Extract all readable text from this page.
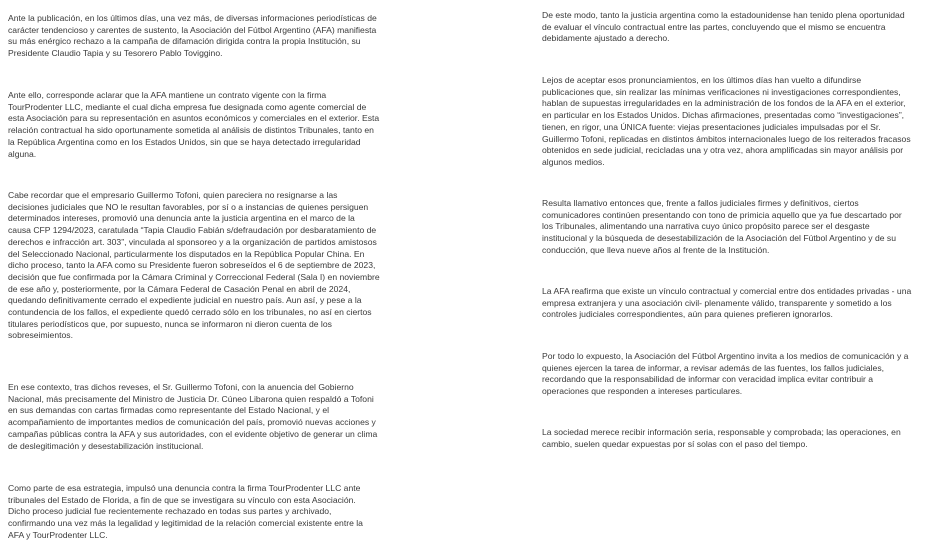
Ante la publicación, en los últimos días, una vez más, de diversas informaciones periodísticas de carácter tendencioso y carentes de sustento, la Asociación del Fútbol Argentino (AFA) manifiesta su más enérgico rechazo a la campaña de difamación dirigida contra la propia Institución, su Presidente Claudio Tapia y su Tesorero Pablo Toviggino.

Ante ello, corresponde aclarar que la AFA mantiene un contrato vigente con la firma TourProdenter LLC, mediante el cual dicha empresa fue designada como agente comercial de esta Asociación para su representación en asuntos económicos y comerciales en el exterior. Esta relación contractual ha sido oportunamente sometida al análisis de distintos Tribunales, tanto en la República Argentina como en los Estados Unidos, sin que se haya detectado irregularidad alguna.

Cabe recordar que el empresario Guillermo Tofoni, quien pareciera no resignarse a las decisiones judiciales que NO le resultan favorables, por sí o a instancias de quienes persiguen determinados intereses, promovió una denuncia ante la justicia argentina en el marco de la causa CFP 1294/2023, caratulada “Tapia Claudio Fabián s/defraudación por desbaratamiento de derechos e infracción art. 303”, vinculada al sponsoreo y a la organización de partidos amistosos del Seleccionado Nacional, particularmente los disputados en la República Popular China. En dicho proceso, tanto la AFA como su Presidente fueron sobreseídos el 6 de septiembre de 2023, decisión que fue confirmada por la Cámara Criminal y Correccional Federal (Sala I) en noviembre de ese año y, posteriormente, por la Cámara Federal de Casación Penal en abril de 2024, quedando definitivamente cerrado el expediente judicial en nuestro país. Aun así, y pese a la contundencia de los fallos, el expediente quedó cerrado sólo en los tribunales, no así en ciertos titulares periodísticos que, por supuesto, nunca se informaron ni dieron cuenta de los sobreseimientos.

En ese contexto, tras dichos reveses, el Sr. Guillermo Tofoni, con la anuencia del Gobierno Nacional, más precisamente del Ministro de Justicia Dr. Cúneo Libarona quien respaldó a Tofoni en sus demandas con cartas firmadas como representante del Estado Nacional, y el acompañamiento de importantes medios de comunicación del país, promovió nuevas acciones y campañas públicas contra la AFA y sus autoridades, con el evidente objetivo de generar un clima de deslegitimación y desestabilización institucional.

Como parte de esa estrategia, impulsó una denuncia contra la firma TourProdenter LLC ante tribunales del Estado de Florida, a fin de que se investigara su vínculo con esta Asociación. Dicho proceso judicial fue recientemente rechazado en todas sus partes y archivado, confirmando una vez más la legalidad y legitimidad de la relación comercial existente entre la AFA y TourProdenter LLC.

De este modo, tanto la justicia argentina como la estadounidense han tenido plena oportunidad de evaluar el vínculo contractual entre las partes, concluyendo que el mismo se encuentra debidamente ajustado a derecho.

Lejos de aceptar esos pronunciamientos, en los últimos días han vuelto a difundirse publicaciones que, sin realizar las mínimas verificaciones ni investigaciones correspondientes, hablan de supuestas irregularidades en la administración de los fondos de la AFA en el exterior, en particular en los Estados Unidos. Dichas afirmaciones, presentadas como “investigaciones”, tienen, en rigor, una ÚNICA fuente: viejas presentaciones judiciales impulsadas por el Sr. Guillermo Tofoni, replicadas en distintos ámbitos internacionales luego de los reiterados fracasos obtenidos en sede judicial, recicladas una y otra vez, ahora amplificadas sin mayor análisis por algunos medios.

Resulta llamativo entonces que, frente a fallos judiciales firmes y definitivos, ciertos comunicadores continúen presentando con tono de primicia aquello que ya fue descartado por los Tribunales, alimentando una narrativa cuyo único propósito parece ser el desgaste institucional y la búsqueda de desestabilización de la Asociación del Fútbol Argentino y de su conducción, que lleva nueve años al frente de la Institución.

La AFA reafirma que existe un vínculo contractual y comercial entre dos entidades privadas - una empresa extranjera y una asociación civil- plenamente válido, transparente y sometido a los controles judiciales correspondientes, aún para quienes prefieren ignorarlos.

Por todo lo expuesto, la Asociación del Fútbol Argentino invita a los medios de comunicación y a quienes ejercen la tarea de informar, a revisar además de las fuentes, los fallos judiciales, recordando que la responsabilidad de informar con veracidad implica evitar contribuir a operaciones que responden a intereses particulares.

La sociedad merece recibir información seria, responsable y comprobada; las operaciones, en cambio, suelen quedar expuestas por sí solas con el paso del tiempo.
